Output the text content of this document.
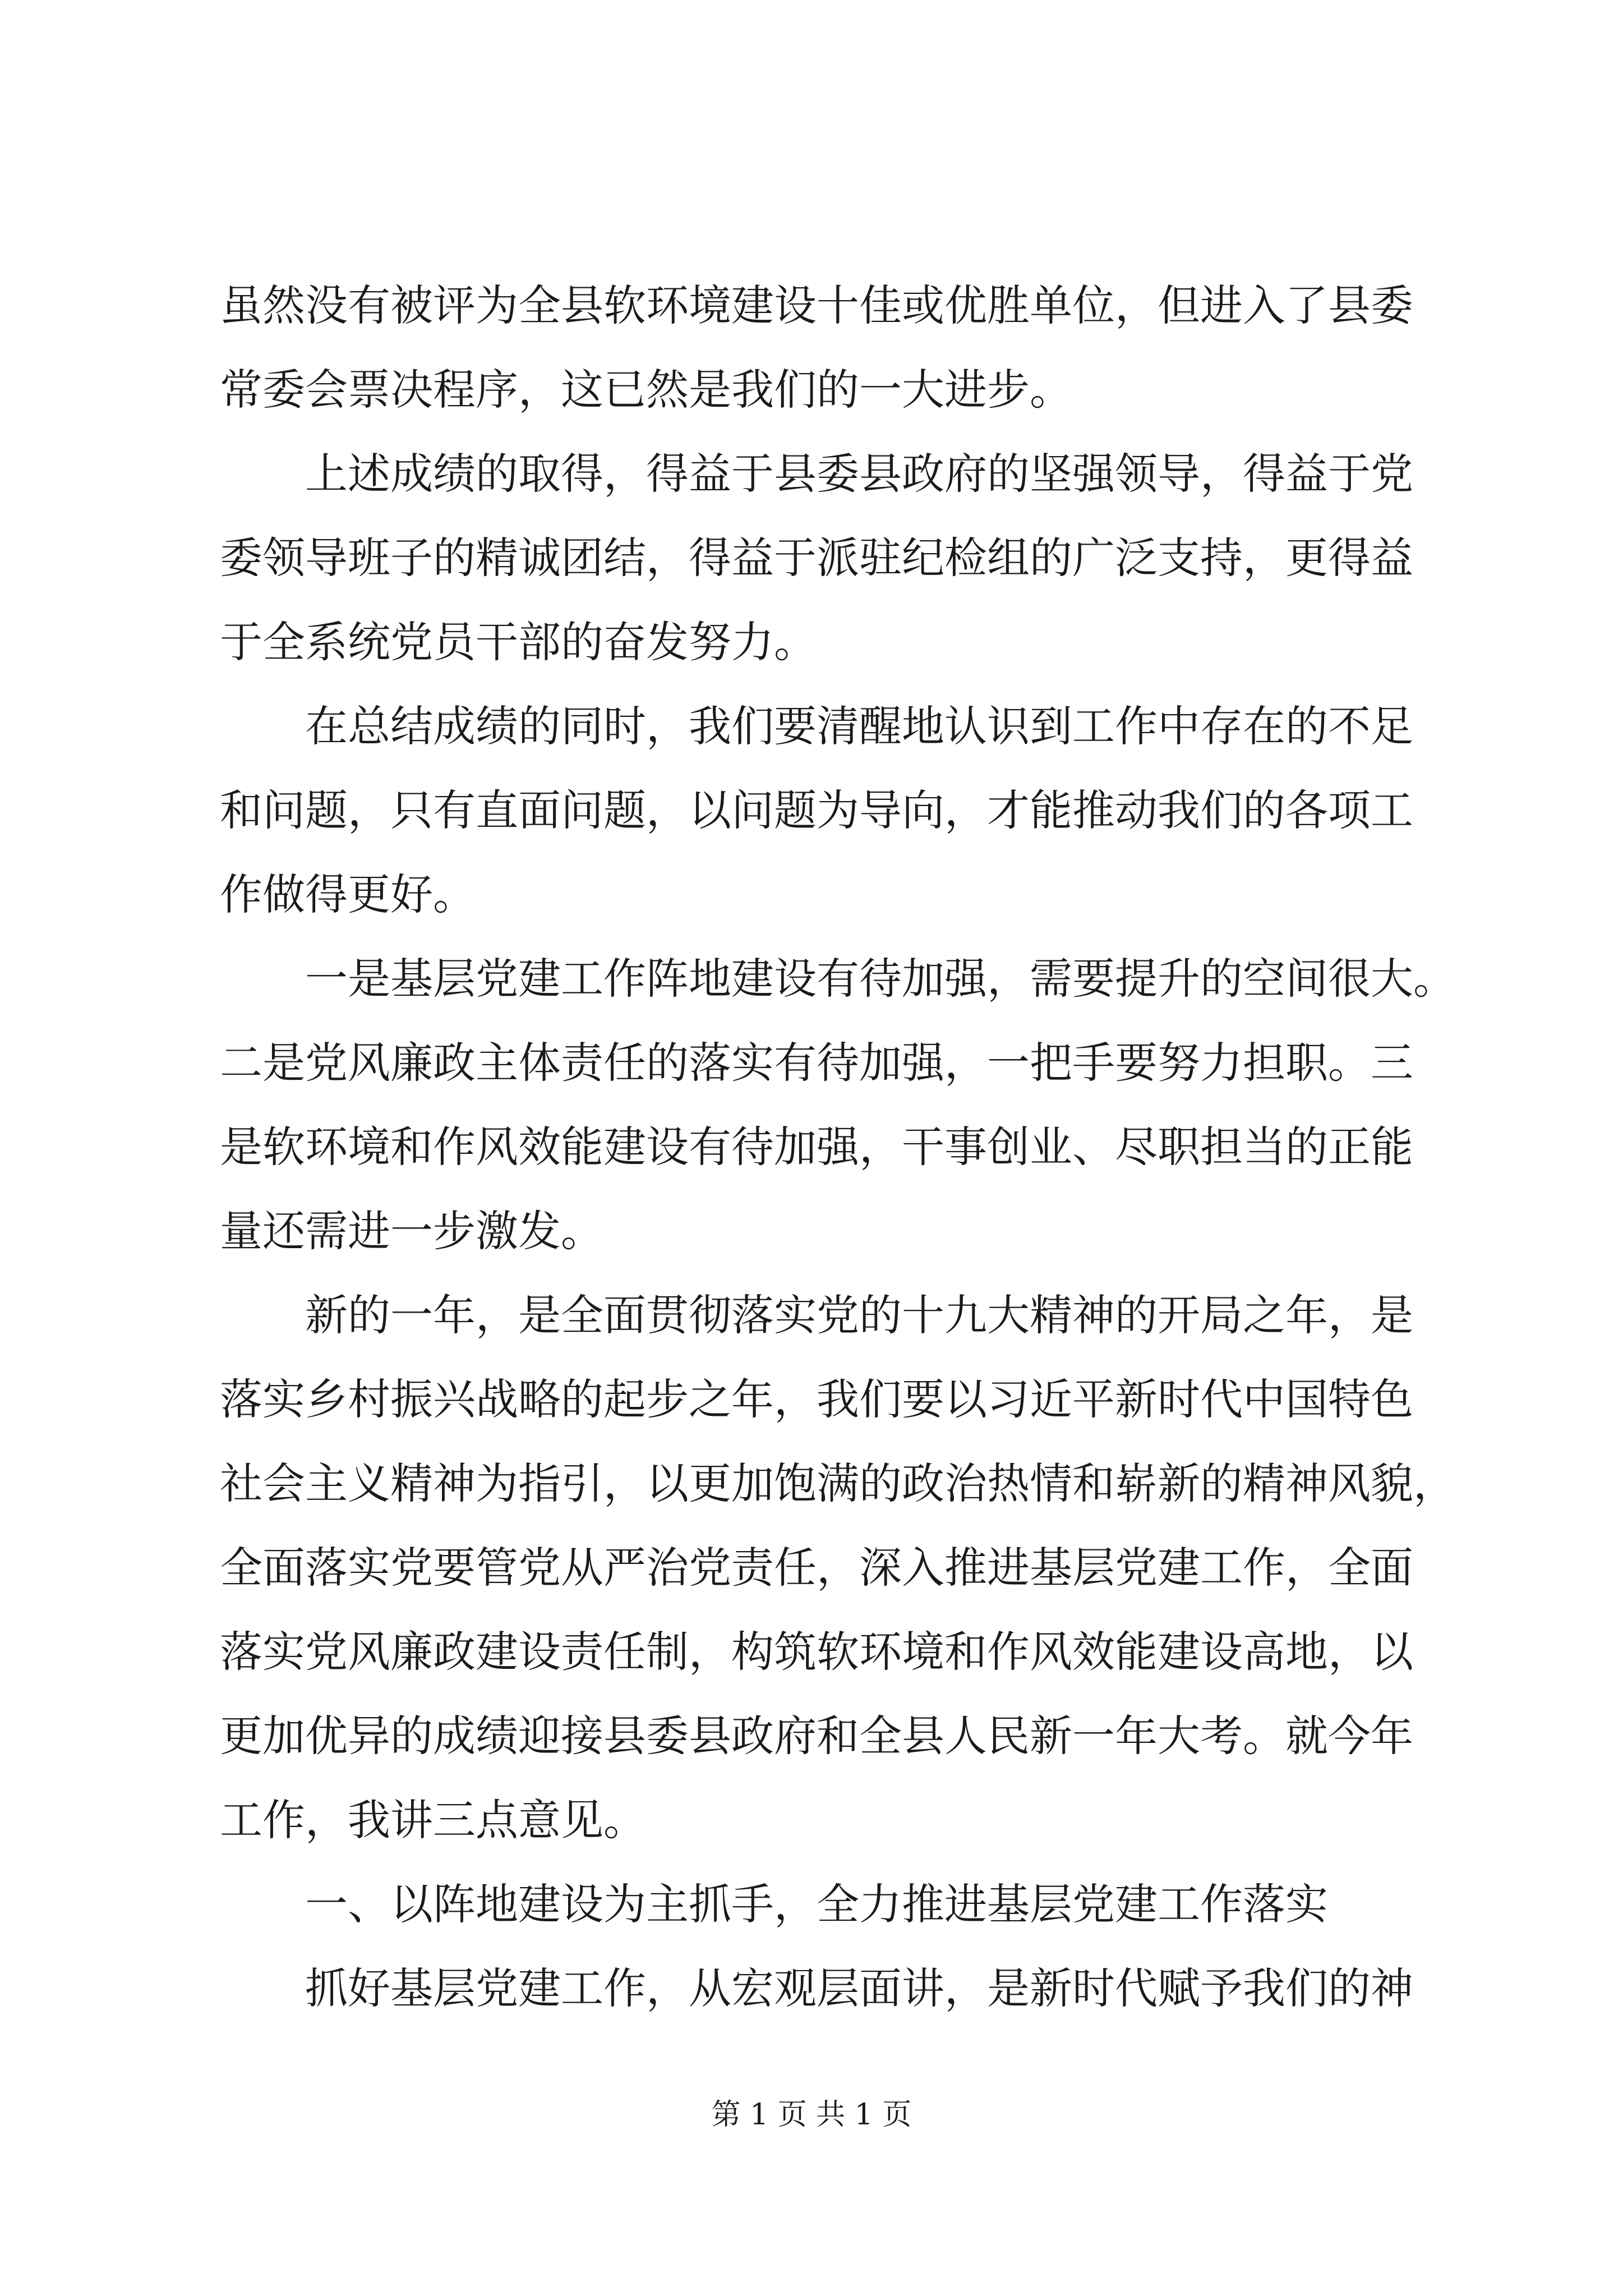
虽然没有被评为全县软环境建设十佳或优胜单位，但进入了县委
常委会票决程序，这已然是我们的一大进步。
上述成绩的取得，得益于县委县政府的坚强领导，得益于党
委领导班子的精诚团结，得益于派驻纪检组的广泛支持，更得益
于全系统党员干部的奋发努力。
在总结成绩的同时，我们要清醒地认识到工作中存在的不足
和问题，只有直面问题，以问题为导向，才能推动我们的各项工
作做得更好。
一是基层党建工作阵地建设有待加强，需要提升的空间很大。
二是党风廉政主体责任的落实有待加强，一把手要努力担职。三
是软环境和作风效能建设有待加强，干事创业、尽职担当的正能
量还需进一步激发。
新的一年，是全面贯彻落实党的十九大精神的开局之年，是
落实乡村振兴战略的起步之年，我们要以习近平新时代中国特色
社会主义精神为指引，以更加饱满的政治热情和崭新的精神风貌，
全面落实党要管党从严治党责任，深入推进基层党建工作，全面
落实党风廉政建设责任制，构筑软环境和作风效能建设高地，以
更加优异的成绩迎接县委县政府和全县人民新一年大考。就今年
工作，我讲三点意见。
一、以阵地建设为主抓手，全力推进基层党建工作落实
抓好基层党建工作，从宏观层面讲，是新时代赋予我们的神
第 1 页 共 1 页
